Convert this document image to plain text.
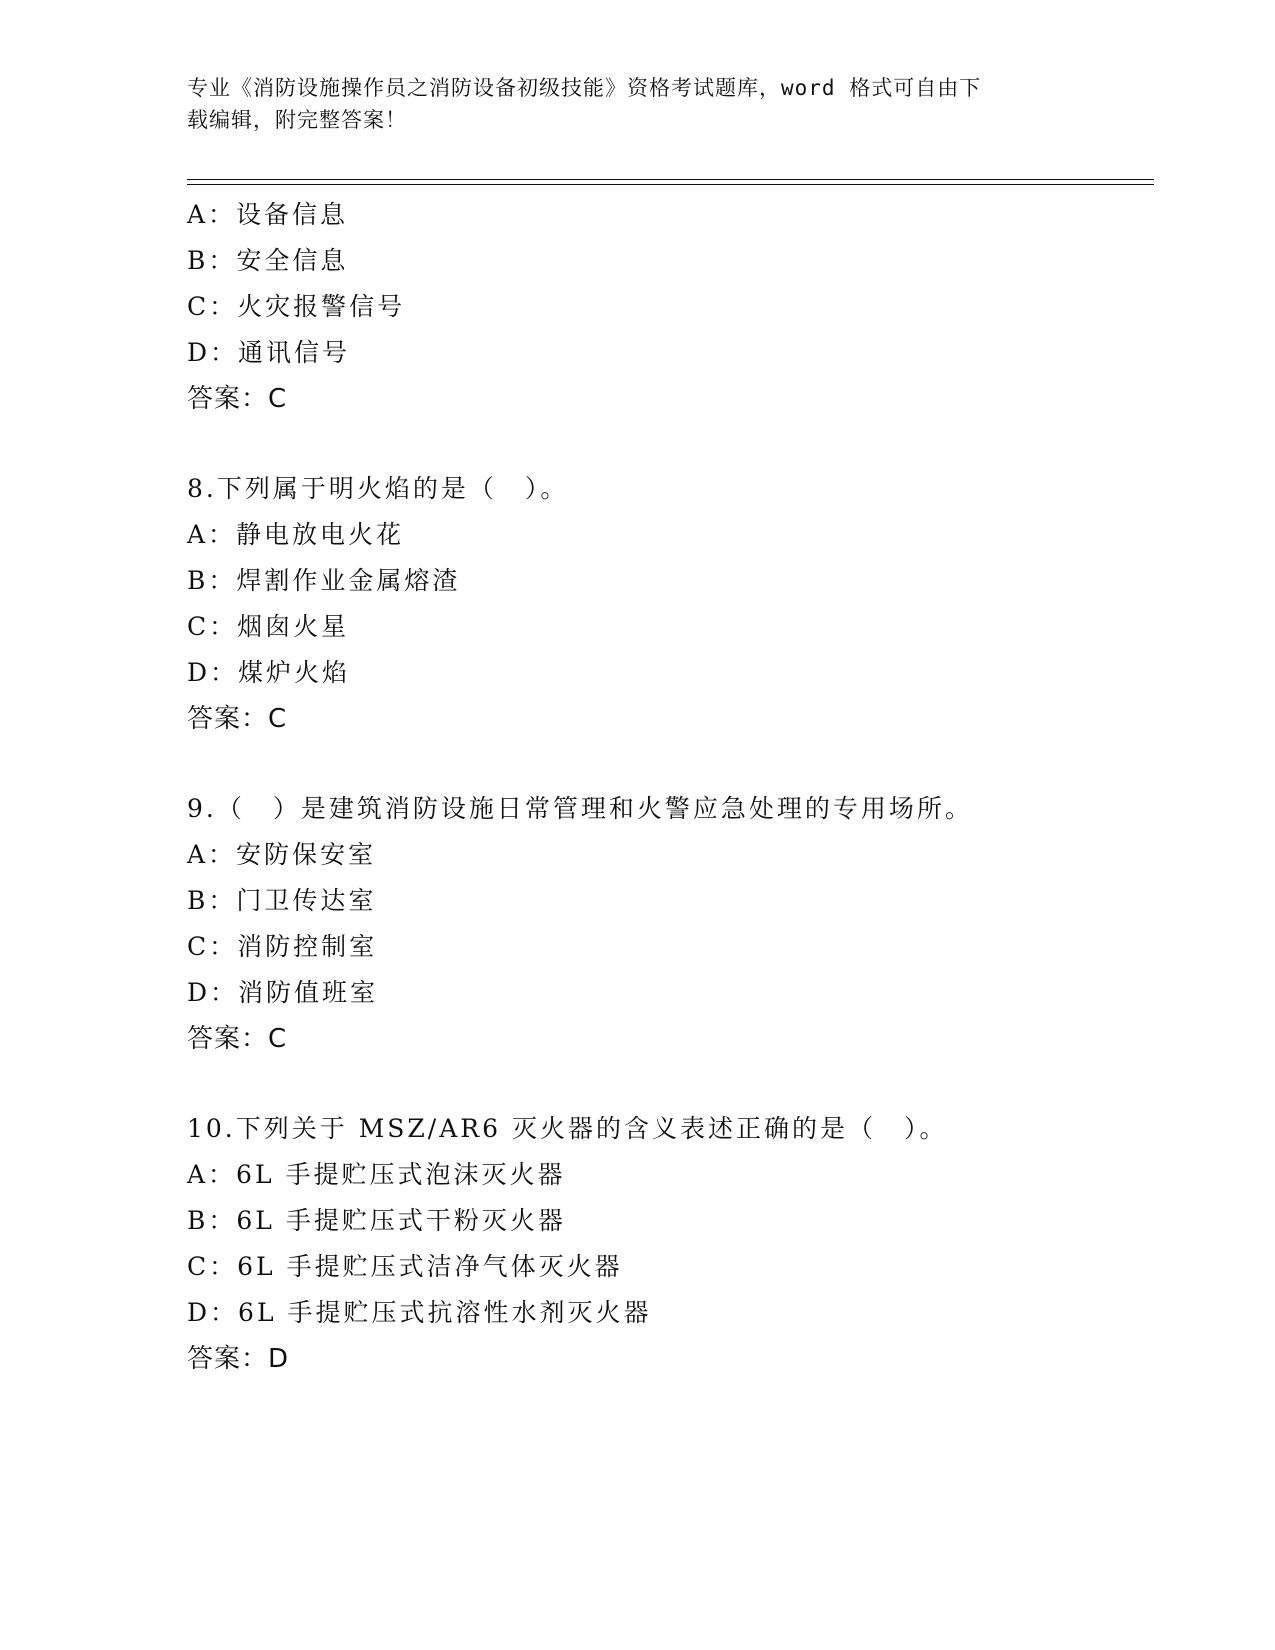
专业《消防设施操作员之消防设备初级技能》资格考试题库，word 格式可自由下
载编辑，附完整答案！
A：设备信息
B：安全信息
C：火灾报警信号
D：通讯信号
答案：C
8.下列属于明火焰的是（　）。
A：静电放电火花
B：焊割作业金属熔渣
C：烟囱火星
D：煤炉火焰
答案：C
9.（　）是建筑消防设施日常管理和火警应急处理的专用场所。
A：安防保安室
B：门卫传达室
C：消防控制室
D：消防值班室
答案：C
10.下列关于 MSZ/AR6 灭火器的含义表述正确的是（　）。
A：6L 手提贮压式泡沫灭火器
B：6L 手提贮压式干粉灭火器
C：6L 手提贮压式洁净气体灭火器
D：6L 手提贮压式抗溶性水剂灭火器
答案：D
